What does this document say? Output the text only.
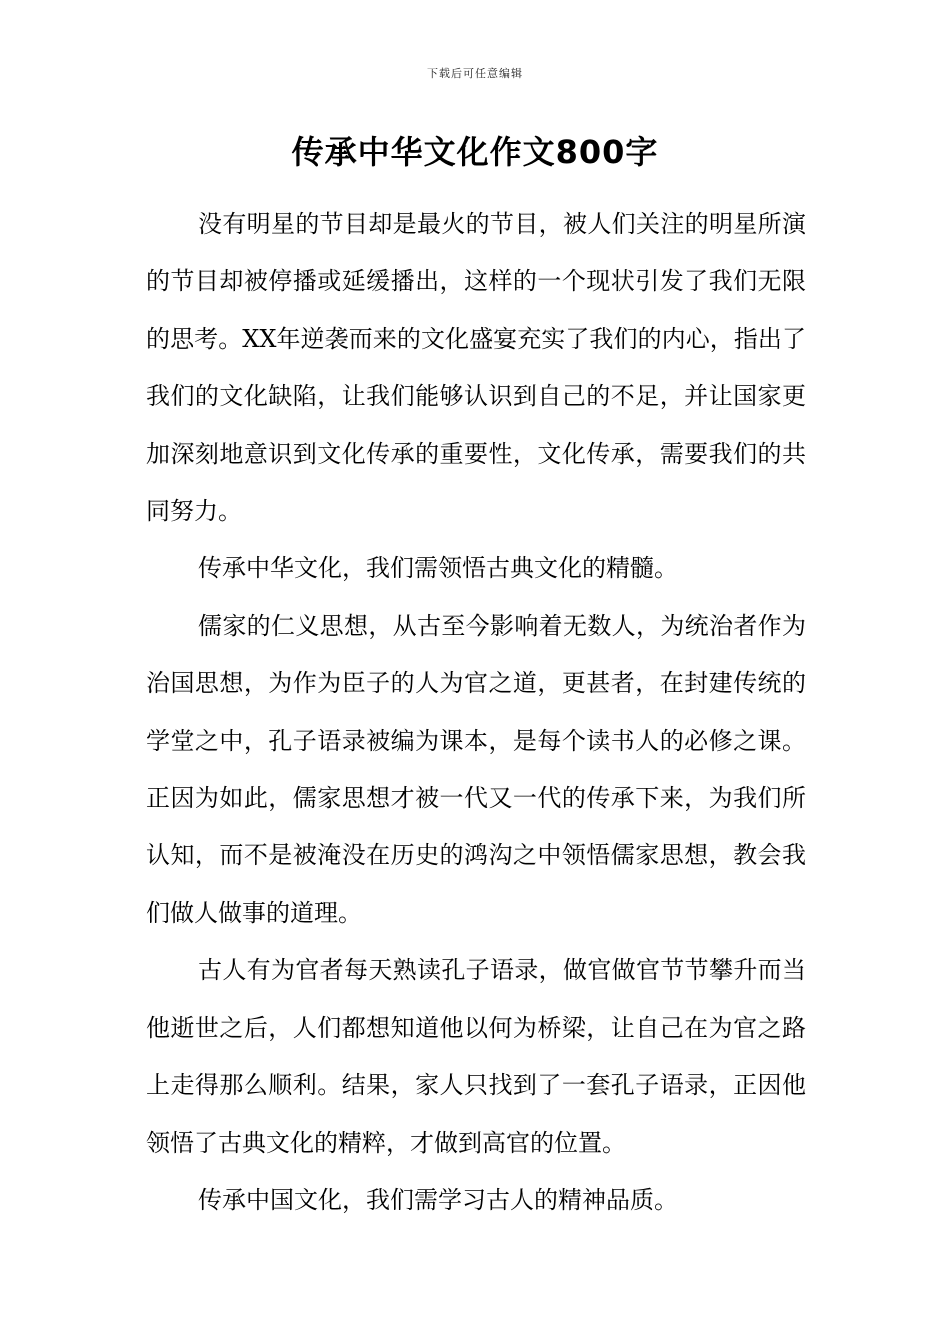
下载后可任意编辑
传承中华文化作文800字

没有明星的节目却是最火的节目，被人们关注的明星所演的节目却被停播或延缓播出，这样的一个现状引发了我们无限的思考。XX年逆袭而来的文化盛宴充实了我们的内心，指出了我们的文化缺陷，让我们能够认识到自己的不足，并让国家更加深刻地意识到文化传承的重要性，文化传承，需要我们的共同努力。

传承中华文化，我们需领悟古典文化的精髓。

儒家的仁义思想，从古至今影响着无数人，为统治者作为治国思想，为作为臣子的人为官之道，更甚者，在封建传统的学堂之中，孔子语录被编为课本，是每个读书人的必修之课。正因为如此，儒家思想才被一代又一代的传承下来，为我们所认知，而不是被淹没在历史的鸿沟之中领悟儒家思想，教会我们做人做事的道理。

古人有为官者每天熟读孔子语录，做官做官节节攀升而当他逝世之后，人们都想知道他以何为桥梁，让自己在为官之路上走得那么顺利。结果，家人只找到了一套孔子语录，正因他领悟了古典文化的精粹，才做到高官的位置。

传承中国文化，我们需学习古人的精神品质。
